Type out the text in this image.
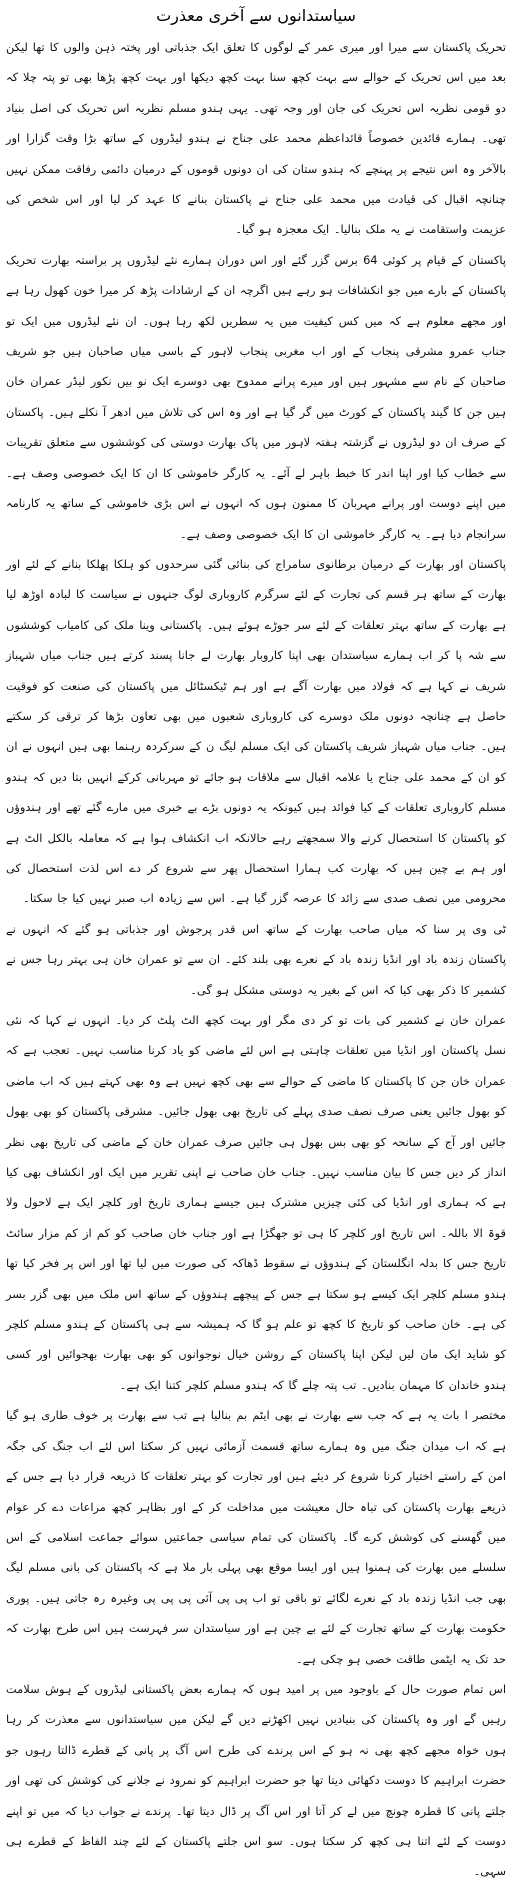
سیاستدانوں سے آخری معذرت

تحریک پاکستان سے میرا اور میری عمر کے لوگوں کا تعلق ایک جذباتی اور پختہ ذہن والوں کا تھا لیکن بعد میں اس تحریک کے حوالے سے بہت کچھ سنا بہت کچھ دیکھا اور بہت کچھ پڑھا بھی تو پتہ چلا کہ دو قومی نظریہ اس تحریک کی جان اور وجہ تھی۔ یہی ہندو مسلم نظریہ اس تحریک کی اصل بنیاد تھی۔ ہمارے قائدین خصوصاً قائداعظم محمد علی جناح نے ہندو لیڈروں کے ساتھ بڑا وقت گزارا اور بالآخر وہ اس نتیجے پر پہنچے کہ ہندو ستان کی ان دونوں قوموں کے درمیان دائمی رفاقت ممکن نہیں چنانچہ اقبال کی قیادت میں محمد علی جناح نے پاکستان بنانے کا عہد کر لیا اور اس شخص کی عزیمت واستقامت نے یہ ملک بنالیا۔ ایک معجزہ ہو گیا۔

پاکستان کے قیام پر کوئی 64 برس گزر گئے اور اس دوران ہمارے نئے لیڈروں پر براستہ بھارت تحریک پاکستان کے بارے میں جو انکشافات ہو رہے ہیں اگرچہ ان کے ارشادات پڑھ کر میرا خون کھول رہا ہے اور مجھے معلوم ہے کہ میں کس کیفیت میں یہ سطریں لکھ رہا ہوں۔ ان نئے لیڈروں میں ایک تو جناب عمرو مشرقی پنجاب کے اور اب مغربی پنجاب لاہور کے باسی میاں صاحبان ہیں جو شریف صاحبان کے نام سے مشہور ہیں اور میرے پرانے ممدوح بھی دوسرے ایک نو بیں نکور لیڈر عمران خان ہیں جن کا گیند پاکستان کے کورٹ میں گر گیا ہے اور وہ اس کی تلاش میں ادھر آ نکلے ہیں۔ پاکستان کے صرف ان دو لیڈروں نے گزشتہ ہفتہ لاہور میں پاک بھارت دوستی کی کوششوں سے متعلق تقریبات سے خطاب کیا اور اپنا اندر کا خبط باہر لے آئے۔ یہ کارگر خاموشی کا ان کا ایک خصوصی وصف ہے۔ میں اپنے دوست اور پرانے مہربان کا ممنون ہوں کہ انہوں نے اس بڑی خاموشی کے ساتھ یہ کارنامہ سرانجام دیا ہے۔ یہ کارگر خاموشی ان کا ایک خصوصی وصف ہے۔

پاکستان اور بھارت کے درمیان برطانوی سامراج کی بنائی گئی سرحدوں کو ہلکا پھلکا بنانے کے لئے اور بھارت کے ساتھ ہر قسم کی تجارت کے لئے سرگرم کاروباری لوگ جنہوں نے سیاست کا لبادہ اوڑھ لیا ہے بھارت کے ساتھ بہتر تعلقات کے لئے سر جوڑے ہوئے ہیں۔ پاکستانی وینا ملک کی کامیاب کوششوں سے شہ پا کر اب ہمارے سیاستدان بھی اپنا کاروبار بھارت لے جانا پسند کرتے ہیں جناب میاں شہباز شریف نے کہا ہے کہ فولاد میں بھارت آگے ہے اور ہم ٹیکسٹائل میں پاکستان کی صنعت کو فوقیت حاصل ہے چنانچہ دونوں ملک دوسرے کی کاروباری شعبوں میں بھی تعاون بڑھا کر ترقی کر سکتے ہیں۔ جناب میاں شہباز شریف پاکستان کی ایک مسلم لیگ ن کے سرکردہ رہنما بھی ہیں انہوں نے ان کو ان کے محمد علی جناح یا علامہ اقبال سے ملاقات ہو جائے تو مہربانی کرکے انہیں بتا دیں کہ ہندو مسلم کاروباری تعلقات کے کیا فوائد ہیں کیونکہ یہ دونوں بڑے بے خبری میں مارے گئے تھے اور ہندوؤں کو پاکستان کا استحصال کرنے والا سمجھتے رہے حالانکہ اب انکشاف ہوا ہے کہ معاملہ بالکل الٹ ہے اور ہم بے چین ہیں کہ بھارت کب ہمارا استحصال پھر سے شروع کر دے اس لذت استحصال کی محرومی میں نصف صدی سے زائد کا عرصہ گزر گیا ہے۔ اس سے زیادہ اب صبر نہیں کیا جا سکتا۔

ٹی وی پر سنا کہ میاں صاحب بھارت کے ساتھ اس قدر پرجوش اور جذباتی ہو گئے کہ انہوں نے پاکستان زندہ باد اور انڈیا زندہ باد کے نعرے بھی بلند کئے۔ ان سے تو عمران خان ہی بہتر رہا جس نے کشمیر کا ذکر بھی کیا کہ اس کے بغیر یہ دوستی مشکل ہو گی۔

عمران خان نے کشمیر کی بات تو کر دی مگر اور بہت کچھ الٹ پلٹ کر دیا۔ انہوں نے کہا کہ نئی نسل پاکستان اور انڈیا میں تعلقات چاہتی ہے اس لئے ماضی کو یاد کرنا مناسب نہیں۔ تعجب ہے کہ عمران خان جن کا پاکستان کا ماضی کے حوالے سے بھی کچھ نہیں ہے وہ بھی کہتے ہیں کہ اب ماضی کو بھول جائیں یعنی صرف نصف صدی پہلے کی تاریخ بھی بھول جائیں۔ مشرقی پاکستان کو بھی بھول جائیں اور آج کے سانحہ کو بھی بس بھول ہی جائیں صرف عمران خان کے ماضی کی تاریخ بھی نظر انداز کر دیں جس کا بیان مناسب نہیں۔ جناب خان صاحب نے اپنی تقریر میں ایک اور انکشاف بھی کیا ہے کہ ہماری اور انڈیا کی کئی چیزیں مشترک ہیں جیسے ہماری تاریخ اور کلچر ایک ہے لاحول ولا قوۃ الا باللہ۔ اس تاریخ اور کلچر کا ہی تو جھگڑا ہے اور جناب خان صاحب کو کم از کم مزار سائٹ تاریخ جس کا بدلہ انگلستان کے ہندوؤں نے سقوط ڈھاکہ کی صورت میں لیا تھا اور اس پر فخر کیا تھا ہندو مسلم کلچر ایک کیسے ہو سکتا ہے جس کے پیچھے ہندوؤں کے ساتھ اس ملک میں بھی گزر بسر کی ہے۔ خان صاحب کو تاریخ کا کچھ تو علم ہو گا کہ ہمیشہ سے ہی پاکستان کے ہندو مسلم کلچر کو شاید ایک مان لیں لیکن اپنا پاکستان کے روشن خیال نوجوانوں کو بھی بھارت بھجوائیں اور کسی ہندو خاندان کا مہمان بنادیں۔ تب پتہ چلے گا کہ ہندو مسلم کلچر کتنا ایک ہے۔

مختصر ا بات یہ ہے کہ جب سے بھارت نے بھی ایٹم بم بنالیا ہے تب سے بھارت پر خوف طاری ہو گیا ہے کہ اب میدان جنگ میں وہ ہمارے ساتھ قسمت آزمائی نہیں کر سکتا اس لئے اب جنگ کی جگہ امن کے راستے اختیار کرنا شروع کر دیئے ہیں اور تجارت کو بہتر تعلقات کا ذریعہ قرار دیا ہے جس کے ذریعے بھارت پاکستان کی تباہ حال معیشت میں مداخلت کر کے اور بظاہر کچھ مراعات دے کر عوام میں گھسنے کی کوشش کرے گا۔ پاکستان کی تمام سیاسی جماعتیں سوائے جماعت اسلامی کے اس سلسلے میں بھارت کی ہمنوا ہیں اور ایسا موقع بھی پہلی بار ملا ہے کہ پاکستان کی بانی مسلم لیگ بھی جب انڈیا زندہ باد کے نعرے لگائے تو باقی تو اب پی پی آئی پی پی پی وغیرہ رہ جاتی ہیں۔ پوری حکومت بھارت کے ساتھ تجارت کے لئے بے چین ہے اور سیاستدان سر فہرست ہیں اس طرح بھارت کہ حد تک یہ ایٹمی طاقت خصی ہو چکی ہے۔

اس تمام صورت حال کے باوجود میں پر امید ہوں کہ ہمارے بعض پاکستانی لیڈروں کے ہوش سلامت رہیں گے اور وہ پاکستان کی بنیادیں نہیں اکھڑنے دیں گے لیکن میں سیاستدانوں سے معذرت کر رہا ہوں خواہ مجھے کچھ بھی نہ ہو کے اس پرندے کی طرح اس آگ پر پانی کے قطرے ڈالتا رہوں جو حضرت ابراہیم کا دوست دکھائی دیتا تھا جو حضرت ابراہیم کو نمرود نے جلانے کی کوشش کی تھی اور جلتے پانی کا قطرہ چونچ میں لے کر آتا اور اس آگ پر ڈال دیتا تھا۔ پرندے نے جواب دیا کہ میں تو اپنے دوست کے لئے اتنا ہی کچھ کر سکتا ہوں۔ سو اس جلتے پاکستان کے لئے چند الفاظ کے قطرے ہی سہی۔
